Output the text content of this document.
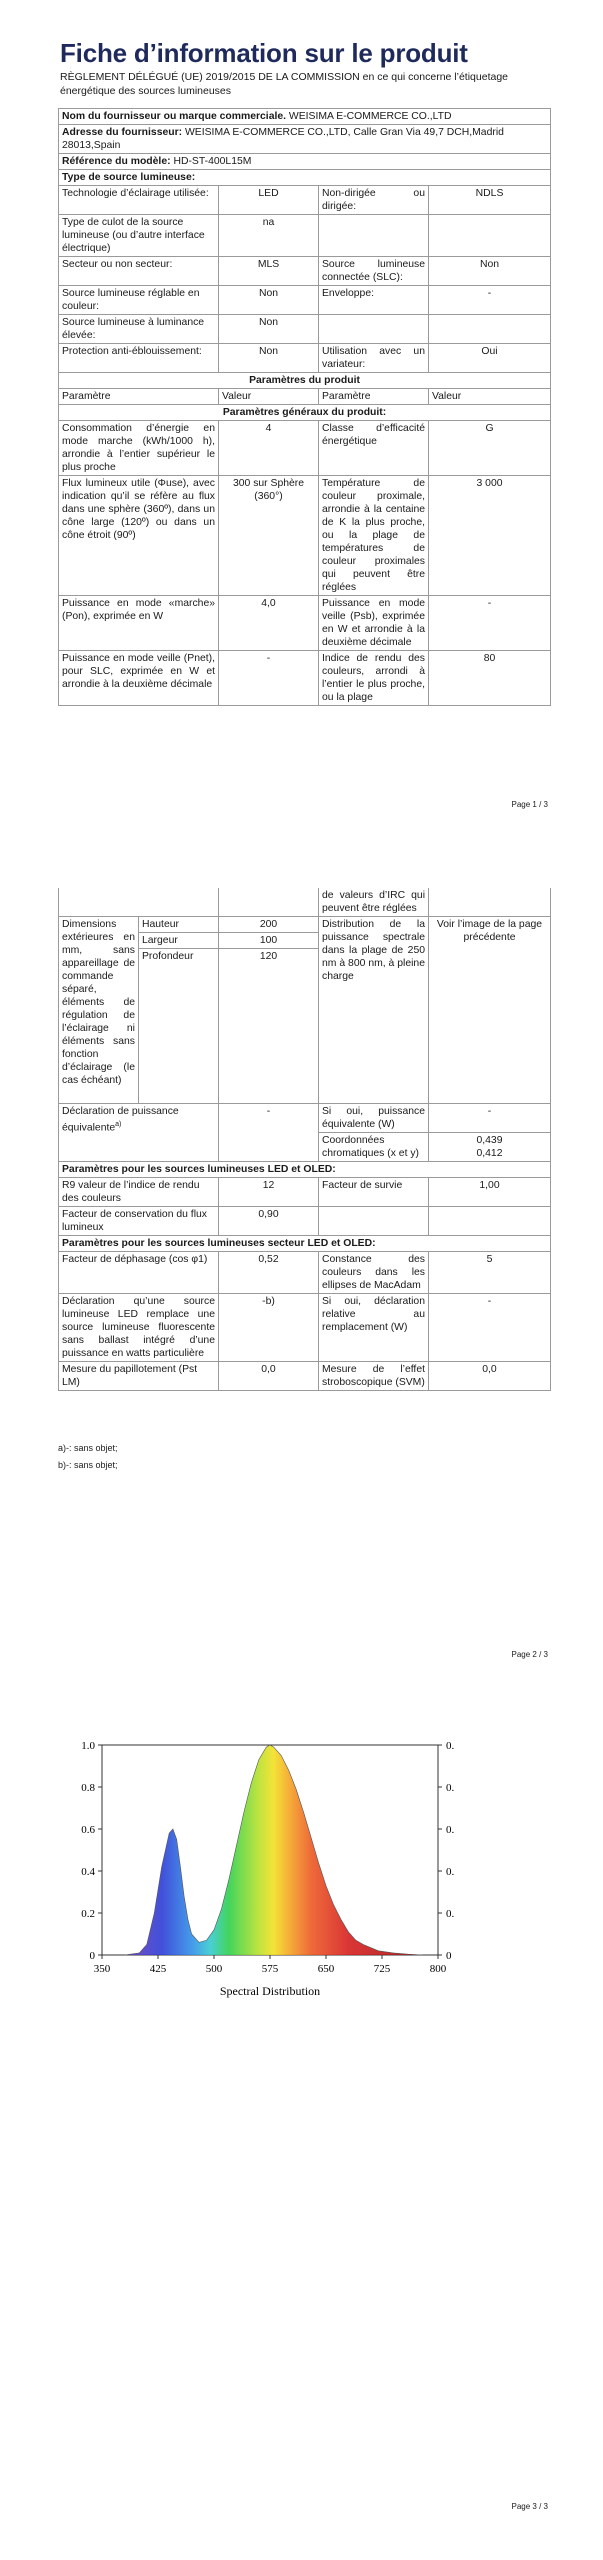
Fiche d’information sur le produit
RÈGLEMENT DÉLÉGUÉ (UE) 2019/2015 DE LA COMMISSION en ce qui concerne l’étiquetage énergétique des sources lumineuses
Nom du fournisseur ou marque commerciale. WEISIMA E-COMMERCE CO.,LTD			
Adresse du fournisseur: WEISIMA E-COMMERCE CO.,LTD, Calle Gran Via 49,7 DCH,Madrid 28013,Spain			
Référence du modèle: HD-ST-400L15M			
Type de source lumineuse:			
Technologie d’éclairage utilisée:	LED	Non-dirigée ou dirigée:	NDLS
Type de culot de la source lumineuse (ou d’autre interface électrique)	na		
Secteur ou non secteur:	MLS	Source lumineuse connectée (SLC):	Non
Source lumineuse réglable en couleur:	Non	Enveloppe:	-
Source lumineuse à luminance élevée:	Non		
Protection anti-éblouissement:	Non	Utilisation avec un variateur:	Oui
Paramètres du produit			
Paramètre	Valeur	Paramètre	Valeur
Paramètres généraux du produit:			
Consommation d’énergie en mode marche (kWh/1000 h), arrondie à l’entier supérieur le plus proche	4	Classe d’efficacité énergétique	G
Flux lumineux utile (Φuse), avec indication qu’il se réfère au flux dans une sphère (360º), dans un cône large (120º) ou dans un cône étroit (90º)	300 sur Sphère (360°)	Température de couleur proximale, arrondie à la centaine de K la plus proche, ou la plage de températures de couleur proximales qui peuvent être réglées	3 000
Puissance en mode «marche» (Pon), exprimée en W	4,0	Puissance en mode veille (Psb), exprimée en W et arrondie à la deuxième décimale	-
Puissance en mode veille (Pnet), pour SLC, exprimée en W et arrondie à la deuxième décimale	-	Indice de rendu des couleurs, arrondi à l’entier le plus proche, ou la plage	80
Page 1 / 3
			de valeurs d’IRC qui peuvent être réglées	
Dimensions extérieures en mm, sans appareillage de commande séparé, éléments de régulation de l’éclairage ni éléments sans fonction d’éclairage (le cas échéant)	Hauteur	200	Distribution de la puissance spectrale dans la plage de 250 nm à 800 nm, à pleine charge	Voir l’image de la page précédente
	Largeur	100		
	Profondeur	120		
Déclaration de puissance équivalente$^{a)}$		-	Si oui, puissance équivalente (W)	-
			Coordonnées chromatiques (x et y)	0,439
0,412

Paramètres pour les sources lumineuses LED et OLED:				
R9 valeur de l’indice de rendu des couleurs		12	Facteur de survie	1,00
Facteur de conservation du flux lumineux		0,90		
Paramètres pour les sources lumineuses secteur LED et OLED:				
Facteur de déphasage (cos φ1)		0,52	Constance des couleurs dans les ellipses de MacAdam	5
Déclaration qu’une source lumineuse LED remplace une source lumineuse fluorescente sans ballast intégré d’une puissance en watts particulière		-b)	Si oui, déclaration relative au remplacement (W)	-
Mesure du papillotement (Pst LM)		0,0	Mesure de l’effet stroboscopique (SVM)	0,0
a)-: sans objet;
b)-: sans objet;
Page 2 / 3
350	425	500	575	650	725	800
0
0.2
0.4
0.6
0.8
1.0
0
0.
0.
0.
0.
0.
Spectral Distribution
Page 3 / 3
